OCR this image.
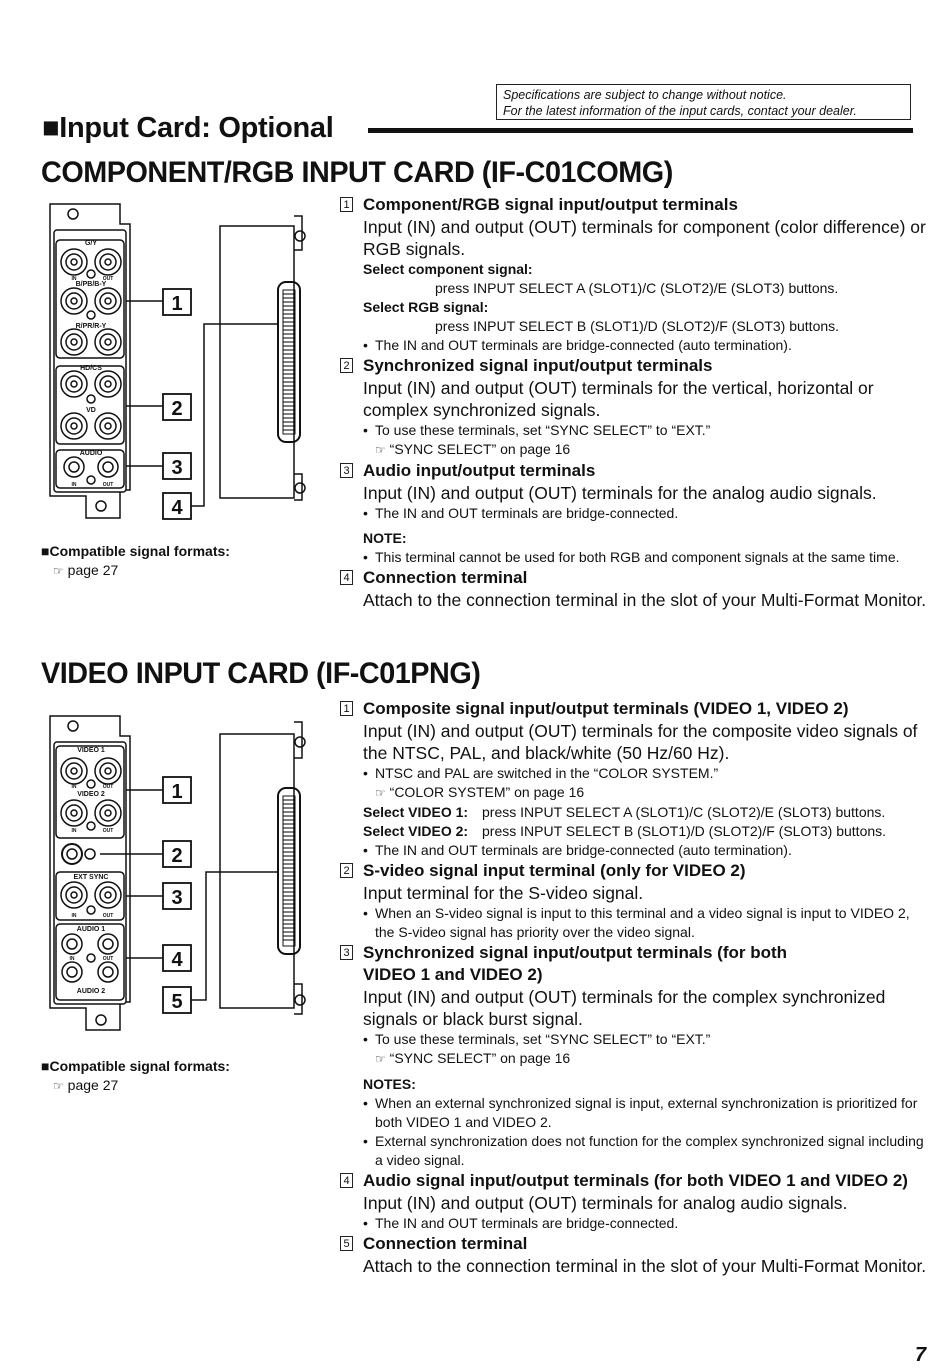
Specifications are subject to change without notice.
For the latest information of the input cards, contact your dealer.
■Input Card: Optional
COMPONENT/RGB INPUT CARD (IF-C01COMG)
G/Y
B/PB/B-Y
R/PR/R-Y
HD/CS
VD
AUDIO
IN	OUT
IN	OUT
1
2
3
4
■Compatible signal formats:
☞ page 27
1 Component/RGB signal input/output terminals
Input (IN) and output (OUT) terminals for component (color difference) or RGB signals.
Select component signal:
press INPUT SELECT A (SLOT1)/C (SLOT2)/E (SLOT3) buttons.
Select RGB signal:
press INPUT SELECT B (SLOT1)/D (SLOT2)/F (SLOT3) buttons.
• The IN and OUT terminals are bridge-connected (auto termination).
2 Synchronized signal input/output terminals
Input (IN) and output (OUT) terminals for the vertical, horizontal or complex synchronized signals.
• To use these terminals, set “SYNC SELECT” to “EXT.”
☞ “SYNC SELECT” on page 16
3 Audio input/output terminals
Input (IN) and output (OUT) terminals for the analog audio signals.
• The IN and OUT terminals are bridge-connected.
NOTE:
• This terminal cannot be used for both RGB and component signals at the same time.
4 Connection terminal
Attach to the connection terminal in the slot of your Multi-Format Monitor.
VIDEO INPUT CARD (IF-C01PNG)
VIDEO 1
VIDEO 2
EXT SYNC
AUDIO 1
AUDIO 2
IN	OUT
IN	OUT
IN	OUT
IN	OUT
1
2
3
4
5
■Compatible signal formats:
☞ page 27
1 Composite signal input/output terminals (VIDEO 1, VIDEO 2)
Input (IN) and output (OUT) terminals for the composite video signals of the NTSC, PAL, and black/white (50 Hz/60 Hz).
• NTSC and PAL are switched in the “COLOR SYSTEM.”
☞ “COLOR SYSTEM” on page 16
Select VIDEO 1: press INPUT SELECT A (SLOT1)/C (SLOT2)/E (SLOT3) buttons.
Select VIDEO 2: press INPUT SELECT B (SLOT1)/D (SLOT2)/F (SLOT3) buttons.
• The IN and OUT terminals are bridge-connected (auto termination).
2 S-video signal input terminal (only for VIDEO 2)
Input terminal for the S-video signal.
• When an S-video signal is input to this terminal and a video signal is input to VIDEO 2, the S-video signal has priority over the video signal.
3 Synchronized signal input/output terminals (for both VIDEO 1 and VIDEO 2)
Input (IN) and output (OUT) terminals for the complex synchronized signals or black burst signal.
• To use these terminals, set “SYNC SELECT” to “EXT.”
☞ “SYNC SELECT” on page 16
NOTES:
• When an external synchronized signal is input, external synchronization is prioritized for both VIDEO 1 and VIDEO 2.
• External synchronization does not function for the complex synchronized signal including a video signal.
4 Audio signal input/output terminals (for both VIDEO 1 and VIDEO 2)
Input (IN) and output (OUT) terminals for analog audio signals.
• The IN and OUT terminals are bridge-connected.
5 Connection terminal
Attach to the connection terminal in the slot of your Multi-Format Monitor.
7
